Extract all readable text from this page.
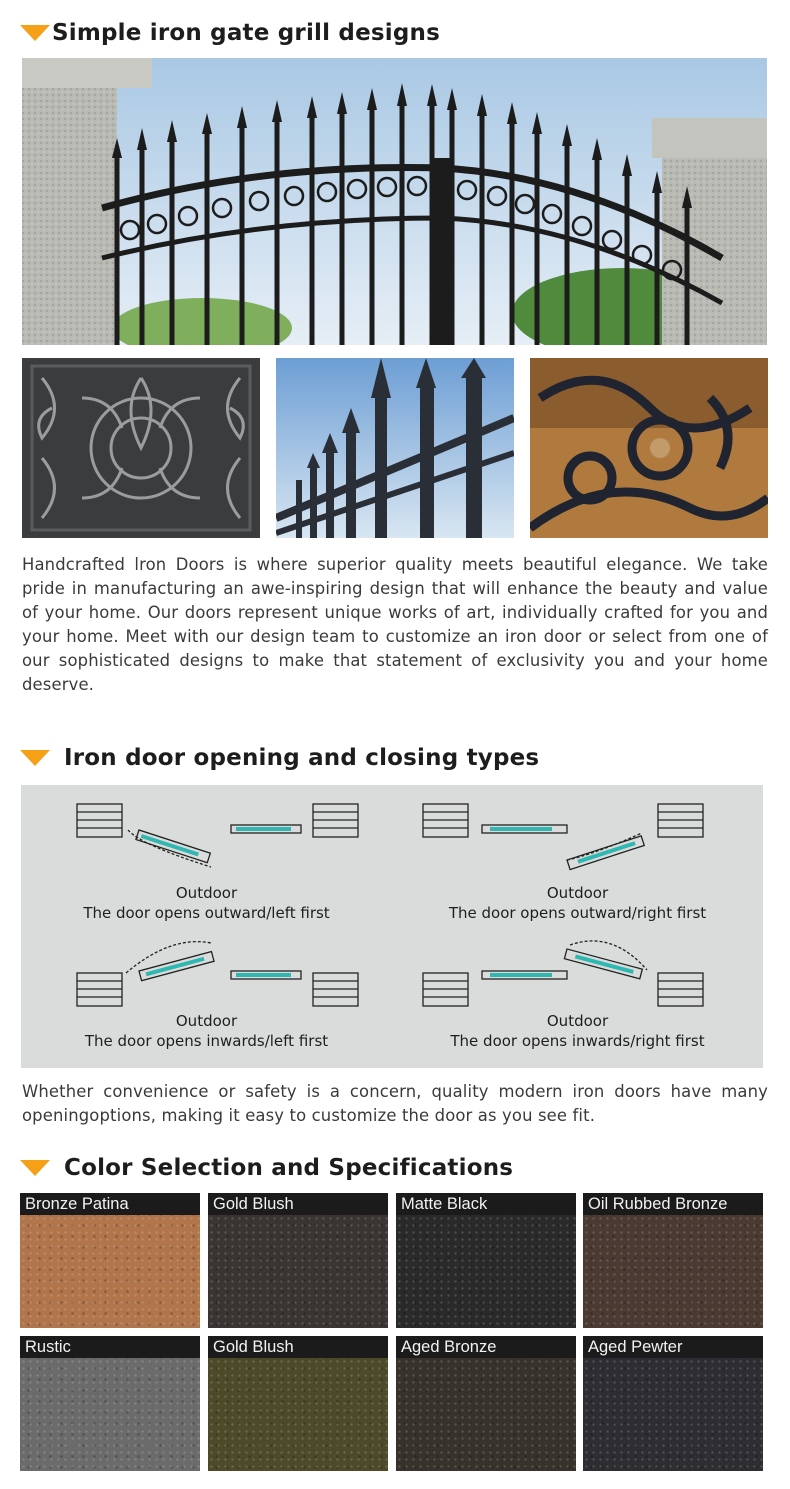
Simple iron gate grill designs

Handcrafted lron Doors is where superior quality meets beautiful elegance. We take pride in manufacturing an awe-inspiring design that will enhance the beauty and value of your home. Our doors represent unique works of art, individually crafted for you and your home. Meet with our design team to customize an iron door or select from one of our sophisticated designs to make that statement of exclusivity you and your home deserve.

Iron door opening and closing types
Outdoor
The door opens outward/left first
Outdoor
The door opens outward/right first
Outdoor
The door opens inwards/left first
Outdoor
The door opens inwards/right first

Whether convenience or safety is a concern, quality modern iron doors have many openingoptions, making it easy to customize the door as you see fit.

Color Selection and Specifications
Bronze Patina	Gold Blush	Matte Black	Oil Rubbed Bronze
Rustic	Gold Blush	Aged Bronze	Aged Pewter
